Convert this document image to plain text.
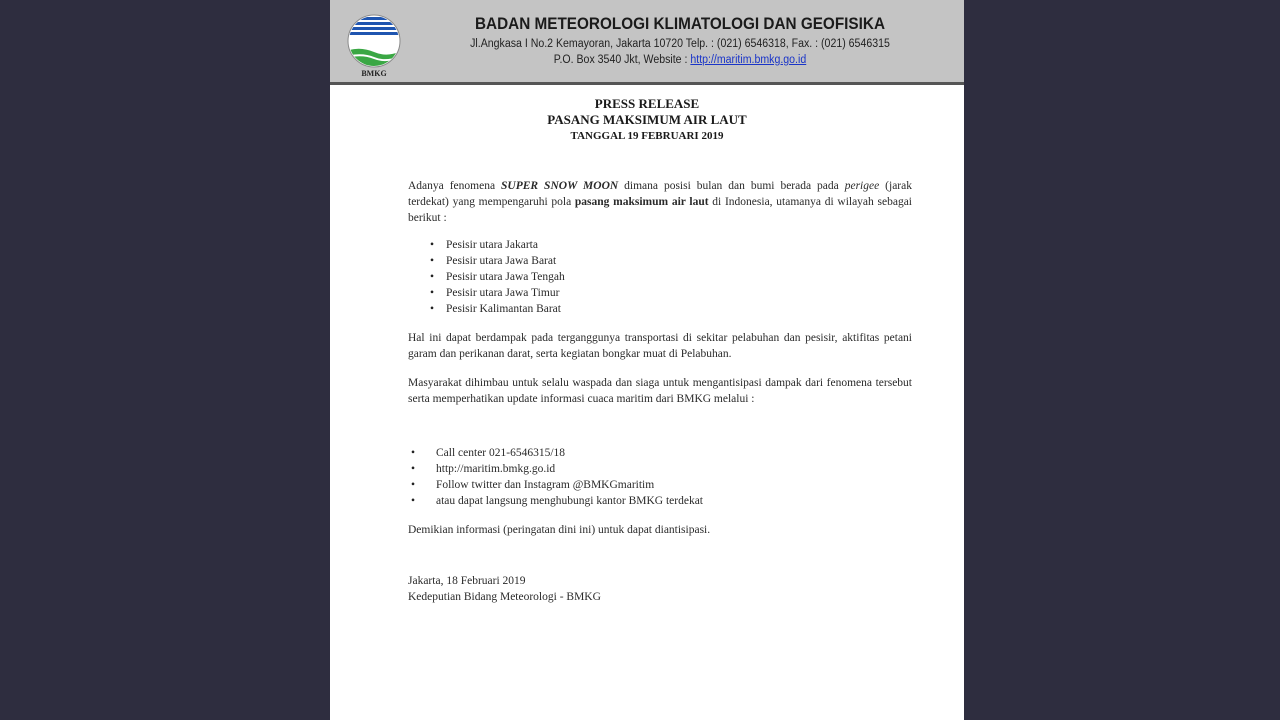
BMKG
BADAN METEOROLOGI KLIMATOLOGI DAN GEOFISIKA
Jl.Angkasa I No.2 Kemayoran, Jakarta 10720 Telp. : (021) 6546318, Fax. : (021) 6546315
P.O. Box 3540 Jkt, Website : http://maritim.bmkg.go.id
PRESS RELEASE
PASANG MAKSIMUM AIR LAUT
TANGGAL 19 FEBRUARI 2019

Adanya fenomena SUPER SNOW MOON dimana posisi bulan dan bumi berada pada perigee (jarak terdekat) yang mempengaruhi pola pasang maksimum air laut di Indonesia, utamanya di wilayah sebagai berikut :

• Pesisir utara Jakarta
• Pesisir utara Jawa Barat
• Pesisir utara Jawa Tengah
• Pesisir utara Jawa Timur
• Pesisir Kalimantan Barat

Hal ini dapat berdampak pada terganggunya transportasi di sekitar pelabuhan dan pesisir, aktifitas petani garam dan perikanan darat, serta kegiatan bongkar muat di Pelabuhan.

Masyarakat dihimbau untuk selalu waspada dan siaga untuk mengantisipasi dampak dari fenomena tersebut serta memperhatikan update informasi cuaca maritim dari BMKG melalui :

• Call center 021-6546315/18
• http://maritim.bmkg.go.id
• Follow twitter dan Instagram @BMKGmaritim
• atau dapat langsung menghubungi kantor BMKG terdekat

Demikian informasi (peringatan dini ini) untuk dapat diantisipasi.

Jakarta, 18 Februari 2019
Kedeputian Bidang Meteorologi - BMKG
